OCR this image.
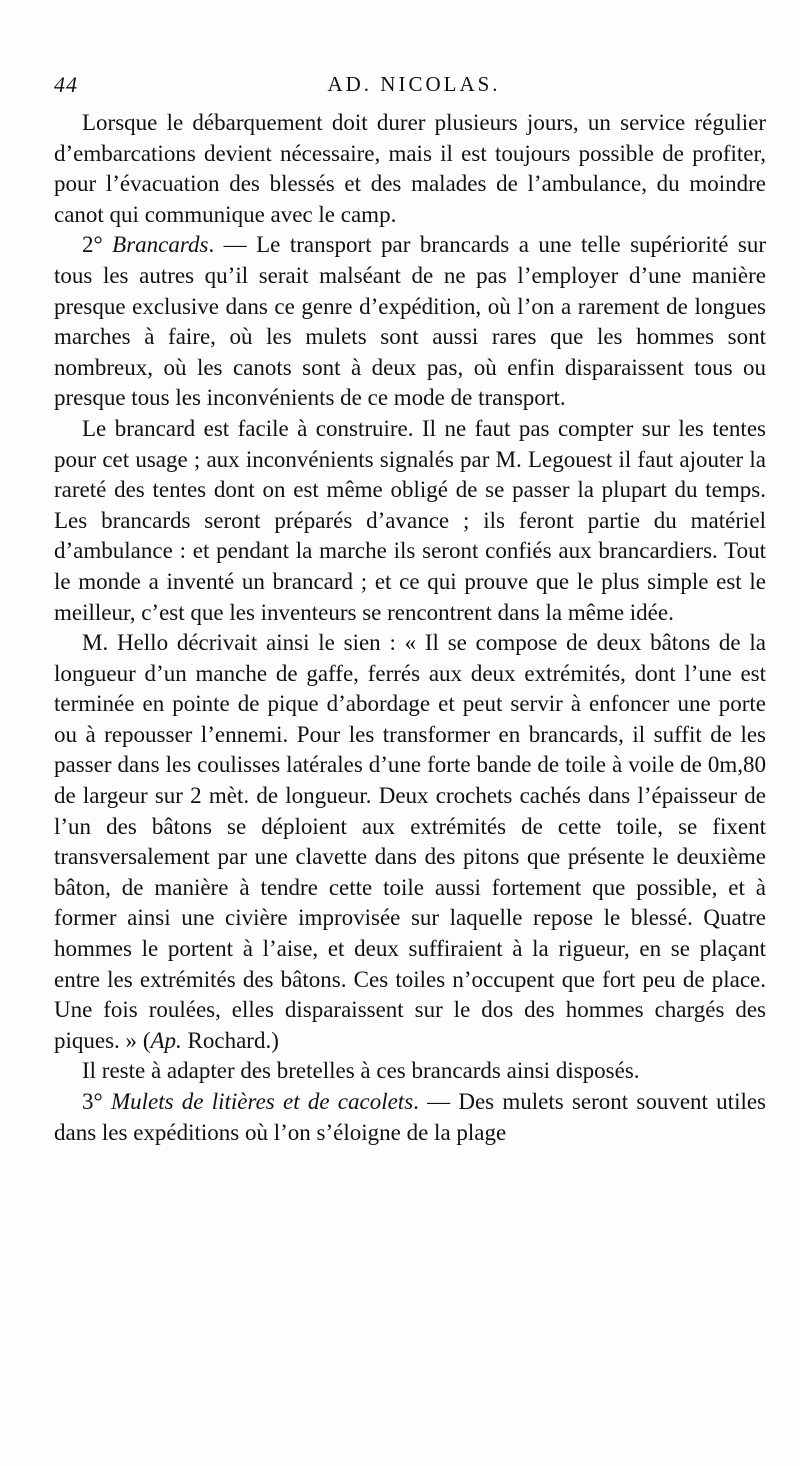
44	AD. NICOLAS.

Lorsque le débarquement doit durer plusieurs jours, un service régulier d’embarcations devient nécessaire, mais il est toujours possible de profiter, pour l’évacuation des blessés et des malades de l’ambulance, du moindre canot qui communique avec le camp.

2° Brancards. — Le transport par brancards a une telle supériorité sur tous les autres qu’il serait malséant de ne pas l’employer d’une manière presque exclusive dans ce genre d’expédition, où l’on a rarement de longues marches à faire, où les mulets sont aussi rares que les hommes sont nombreux, où les canots sont à deux pas, où enfin disparaissent tous ou presque tous les inconvénients de ce mode de transport.

Le brancard est facile à construire. Il ne faut pas compter sur les tentes pour cet usage ; aux inconvénients signalés par M. Legouest il faut ajouter la rareté des tentes dont on est même obligé de se passer la plupart du temps. Les brancards seront préparés d’avance ; ils feront partie du matériel d’ambulance : et pendant la marche ils seront confiés aux brancardiers. Tout le monde a inventé un brancard ; et ce qui prouve que le plus simple est le meilleur, c’est que les inventeurs se rencontrent dans la même idée.

M. Hello décrivait ainsi le sien : « Il se compose de deux bâtons de la longueur d’un manche de gaffe, ferrés aux deux extrémités, dont l’une est terminée en pointe de pique d’abordage et peut servir à enfoncer une porte ou à repousser l’ennemi. Pour les transformer en brancards, il suffit de les passer dans les coulisses latérales d’une forte bande de toile à voile de 0m,80 de largeur sur 2 mèt. de longueur. Deux crochets cachés dans l’épaisseur de l’un des bâtons se déploient aux extrémités de cette toile, se fixent transversalement par une clavette dans des pitons que présente le deuxième bâton, de manière à tendre cette toile aussi fortement que possible, et à former ainsi une civière improvisée sur laquelle repose le blessé. Quatre hommes le portent à l’aise, et deux suffiraient à la rigueur, en se plaçant entre les extrémités des bâtons. Ces toiles n’occupent que fort peu de place. Une fois roulées, elles disparaissent sur le dos des hommes chargés des piques. » (Ap. Rochard.)

Il reste à adapter des bretelles à ces brancards ainsi disposés.

3° Mulets de litières et de cacolets. — Des mulets seront souvent utiles dans les expéditions où l’on s’éloigne de la plage
